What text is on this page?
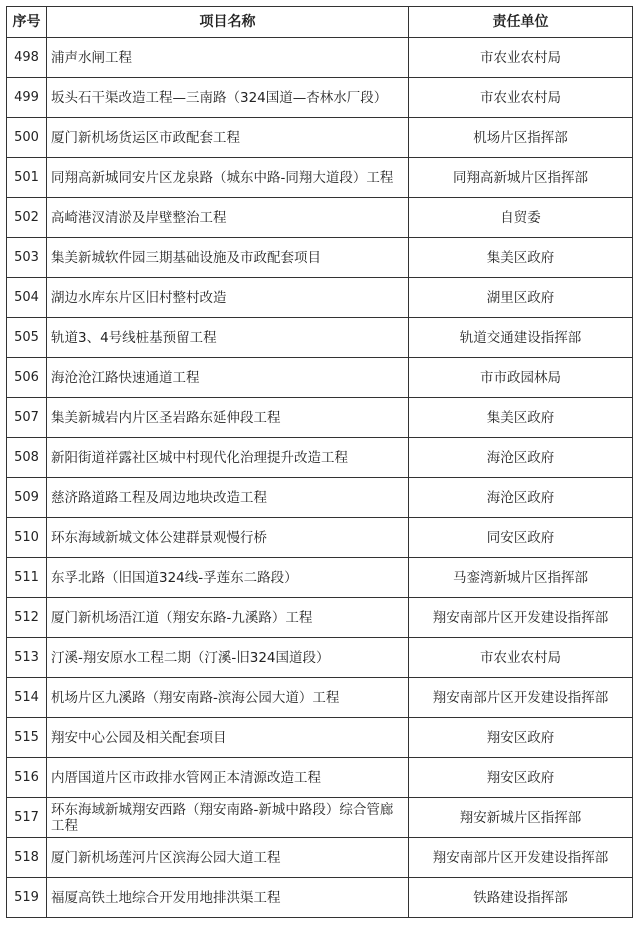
序号	项目名称	责任单位
498	浦声水闸工程	市农业农村局
499	坂头石干渠改造工程—三南路（324国道—杏林水厂段）	市农业农村局
500	厦门新机场货运区市政配套工程	机场片区指挥部
501	同翔高新城同安片区龙泉路（城东中路-同翔大道段）工程	同翔高新城片区指挥部
502	高崎港汊清淤及岸壁整治工程	自贸委
503	集美新城软件园三期基础设施及市政配套项目	集美区政府
504	湖边水库东片区旧村整村改造	湖里区政府
505	轨道3、4号线桩基预留工程	轨道交通建设指挥部
506	海沧沧江路快速通道工程	市市政园林局
507	集美新城岩内片区圣岩路东延伸段工程	集美区政府
508	新阳街道祥露社区城中村现代化治理提升改造工程	海沧区政府
509	慈济路道路工程及周边地块改造工程	海沧区政府
510	环东海域新城文体公建群景观慢行桥	同安区政府
511	东孚北路（旧国道324线-孚莲东二路段）	马銮湾新城片区指挥部
512	厦门新机场浯江道（翔安东路-九溪路）工程	翔安南部片区开发建设指挥部
513	汀溪-翔安原水工程二期（汀溪-旧324国道段）	市农业农村局
514	机场片区九溪路（翔安南路-滨海公园大道）工程	翔安南部片区开发建设指挥部
515	翔安中心公园及相关配套项目	翔安区政府
516	内厝国道片区市政排水管网正本清源改造工程	翔安区政府
517	环东海域新城翔安西路（翔安南路-新城中路段）综合管廊工程	翔安新城片区指挥部
518	厦门新机场莲河片区滨海公园大道工程	翔安南部片区开发建设指挥部
519	福厦高铁土地综合开发用地排洪渠工程	铁路建设指挥部
